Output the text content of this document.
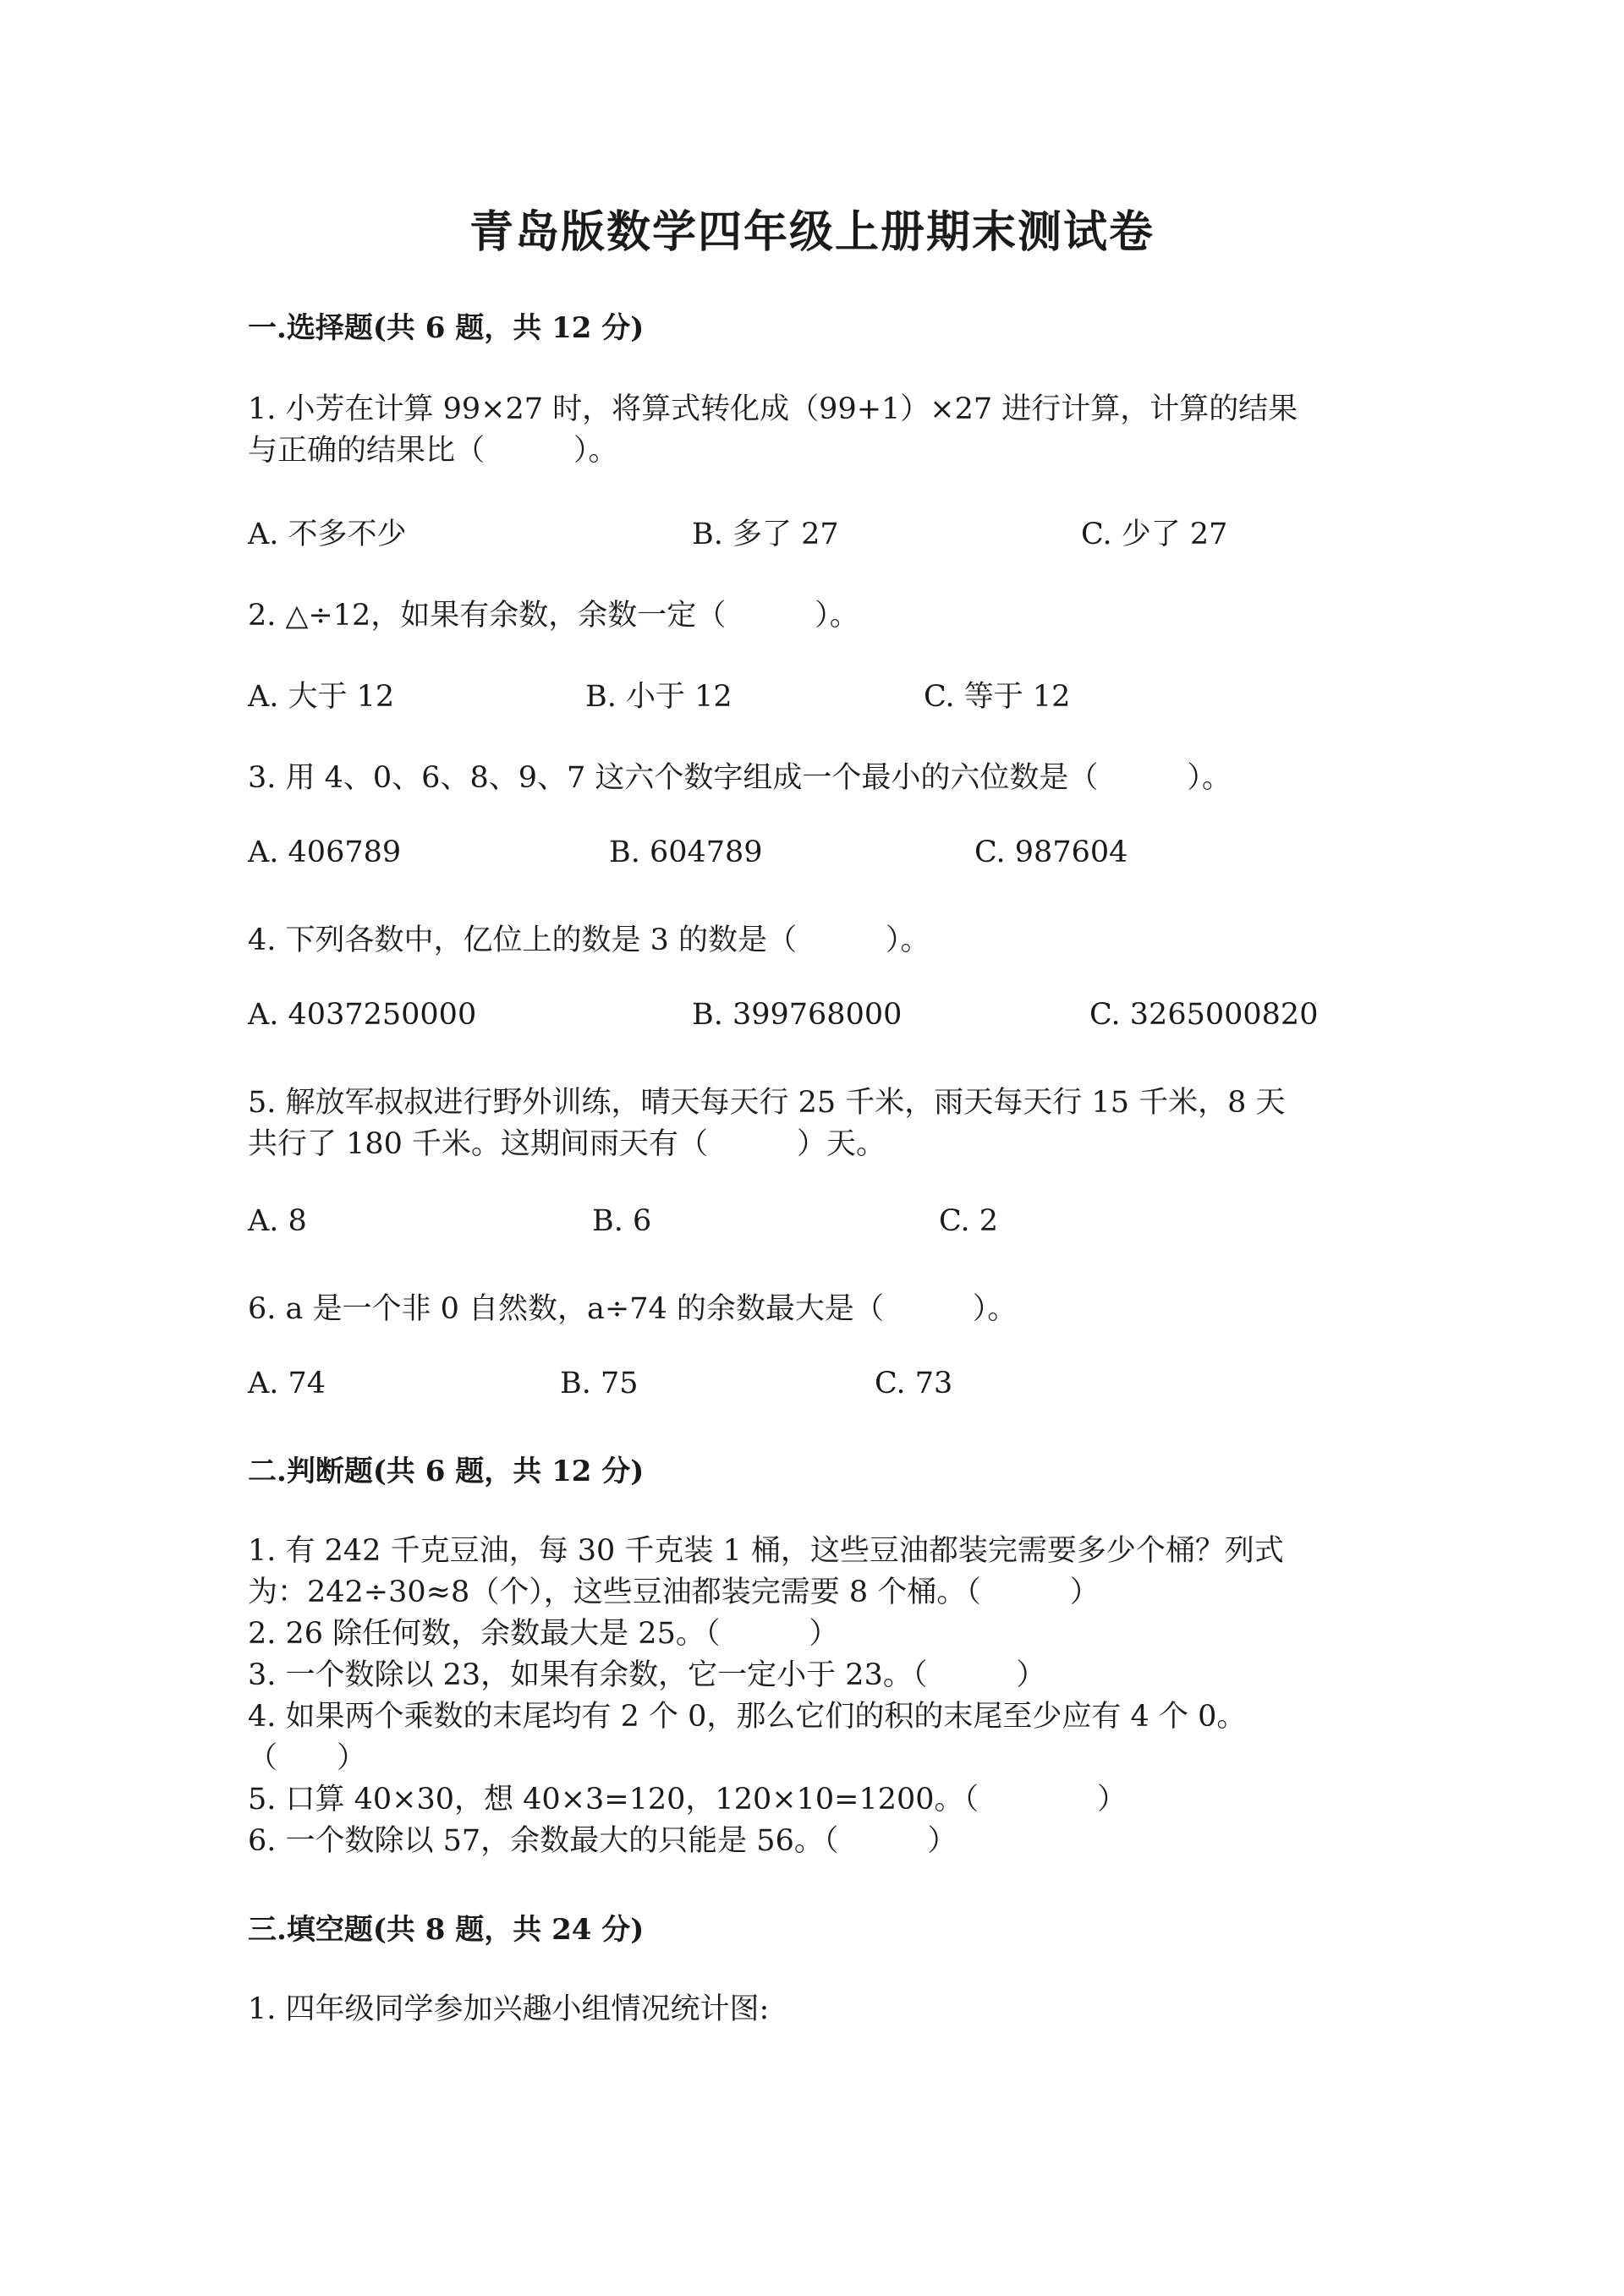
青岛版数学四年级上册期末测试卷
一.选择题(共 6 题，共 12 分)
1. 小芳在计算 99×27 时，将算式转化成（99+1）×27 进行计算，计算的结果
与正确的结果比（　　　）。
A. 不多不少	B. 多了 27	C. 少了 27
2. △÷12，如果有余数，余数一定（　　　）。
A. 大于 12	B. 小于 12	C. 等于 12
3. 用 4、0、6、8、9、7 这六个数字组成一个最小的六位数是（　　　）。
A. 406789	B. 604789	C. 987604
4. 下列各数中，亿位上的数是 3 的数是（　　　）。
A. 4037250000	B. 399768000	C. 3265000820
5. 解放军叔叔进行野外训练，晴天每天行 25 千米，雨天每天行 15 千米，8 天
共行了 180 千米。这期间雨天有（　　　）天。
A. 8	B. 6	C. 2
6. a 是一个非 0 自然数，a÷74 的余数最大是（　　　）。
A. 74	B. 75	C. 73
二.判断题(共 6 题，共 12 分)
1. 有 242 千克豆油，每 30 千克装 1 桶，这些豆油都装完需要多少个桶？列式
为：242÷30≈8（个），这些豆油都装完需要 8 个桶。（　　　）
2. 26 除任何数，余数最大是 25。（　　　）
3. 一个数除以 23，如果有余数，它一定小于 23。（　　　）
4. 如果两个乘数的末尾均有 2 个 0，那么它们的积的末尾至少应有 4 个 0。
（　　）
5. 口算 40×30，想 40×3=120，120×10=1200。（　　　　）
6. 一个数除以 57，余数最大的只能是 56。（　　　）
三.填空题(共 8 题，共 24 分)
1. 四年级同学参加兴趣小组情况统计图:
